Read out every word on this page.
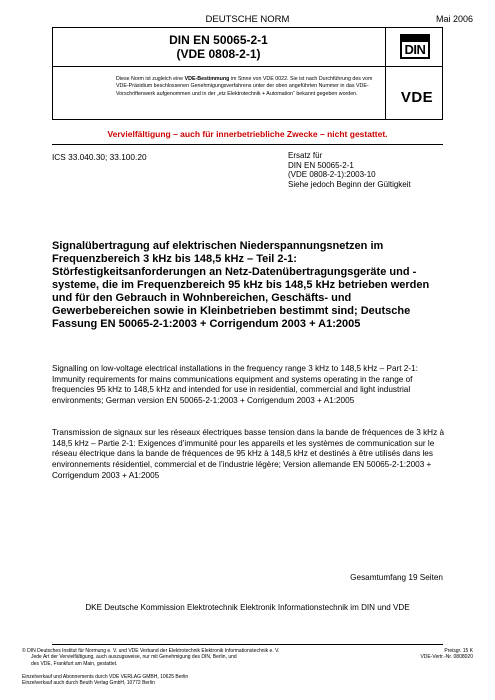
DEUTSCHE NORM	Mai 2006
DIN EN 50065-2-1
(VDE 0808-2-1)
Diese Norm ist zugleich eine VDE-Bestimmung im Sinne von VDE 0022. Sie ist nach Durchführung des vom VDE-Präsidium beschlossenen Genehmigungsverfahrens unter der oben angeführten Nummer in das VDE-Vorschriftenwerk aufgenommen und in der „etz Elektrotechnik + Automation“ bekannt gegeben worden.
DIN
VDE
Vervielfältigung – auch für innerbetriebliche Zwecke – nicht gestattet.
ICS 33.040.30; 33.100.20	Ersatz für
DIN EN 50065-2-1
(VDE 0808-2-1):2003-10
Siehe jedoch Beginn der Gültigkeit
Signalübertragung auf elektrischen Niederspannungsnetzen im Frequenzbereich 3 kHz bis 148,5 kHz – Teil 2-1: Störfestigkeitsanforderungen an Netz-Datenübertragungsgeräte und -systeme, die im Frequenzbereich 95 kHz bis 148,5 kHz betrieben werden und für den Gebrauch in Wohnbereichen, Geschäfts- und Gewerbebereichen sowie in Kleinbetrieben bestimmt sind; Deutsche Fassung EN 50065-2-1:2003 + Corrigendum 2003 + A1:2005
Signalling on low-voltage electrical installations in the frequency range 3 kHz to 148,5 kHz – Part 2-1: Immunity requirements for mains communications equipment and systems operating in the range of frequencies 95 kHz to 148,5 kHz and intended for use in residential, commercial and light industrial environments; German version EN 50065-2-1:2003 + Corrigendum 2003 + A1:2005
Transmission de signaux sur les réseaux électriques basse tension dans la bande de fréquences de 3 kHz à 148,5 kHz – Partie 2-1: Exigences d’immunité pour les appareils et les systèmes de communication sur le réseau électrique dans la bande de fréquences de 95 kHz à 148,5 kHz et destinés à être utilisés dans les environnements résidentiel, commercial et de l’industrie légère; Version allemande EN 50065-2-1:2003 + Corrigendum 2003 + A1:2005
Gesamtumfang 19 Seiten
DKE Deutsche Kommission Elektrotechnik Elektronik Informationstechnik im DIN und VDE
© DIN Deutsches Institut für Normung e. V. und VDE Verband der Elektrotechnik Elektronik Informationstechnik e. V.
Jede Art der Vervielfältigung, auch auszugsweise, nur mit Genehmigung des DIN, Berlin, und
des VDE, Frankfurt am Main, gestattet.
Einzelverkauf und Abonnements durch VDE VERLAG GMBH, 10625 Berlin
Einzelverkauf auch durch Beuth Verlag GmbH, 10772 Berlin
Preisgr. 15 K
VDE-Vertr.-Nr. 0808020
